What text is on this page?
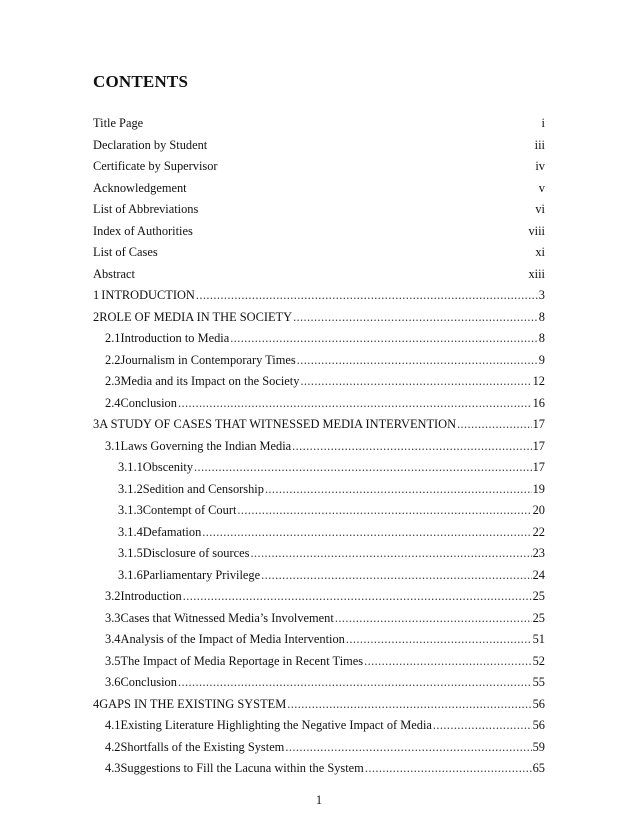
CONTENTS
Title Page	i
Declaration by Student	iii
Certificate by Supervisor	iv
Acknowledgement	v
List of Abbreviations	vi
Index of Authorities	viii
List of Cases	xi
Abstract	xiii
1 INTRODUCTION .....	3
2 ROLE OF MEDIA IN THE SOCIETY .....	8
2.1 Introduction to Media .....	8
2.2 Journalism in Contemporary Times .....	9
2.3 Media and its Impact on the Society .....	12
2.4 Conclusion .....	16
3 A STUDY OF CASES THAT WITNESSED MEDIA INTERVENTION .....	17
3.1 Laws Governing the Indian Media .....	17
3.1.1 Obscenity .....	17
3.1.2 Sedition and Censorship .....	19
3.1.3 Contempt of Court .....	20
3.1.4 Defamation .....	22
3.1.5 Disclosure of sources .....	23
3.1.6 Parliamentary Privilege .....	24
3.2 Introduction .....	25
3.3 Cases that Witnessed Media’s Involvement .....	25
3.4 Analysis of the Impact of Media Intervention .....	51
3.5 The Impact of Media Reportage in Recent Times .....	52
3.6 Conclusion .....	55
4 GAPS IN THE EXISTING SYSTEM .....	56
4.1 Existing Literature Highlighting the Negative Impact of Media .....	56
4.2 Shortfalls of the Existing System .....	59
4.3 Suggestions to Fill the Lacuna within the System .....	65
1
